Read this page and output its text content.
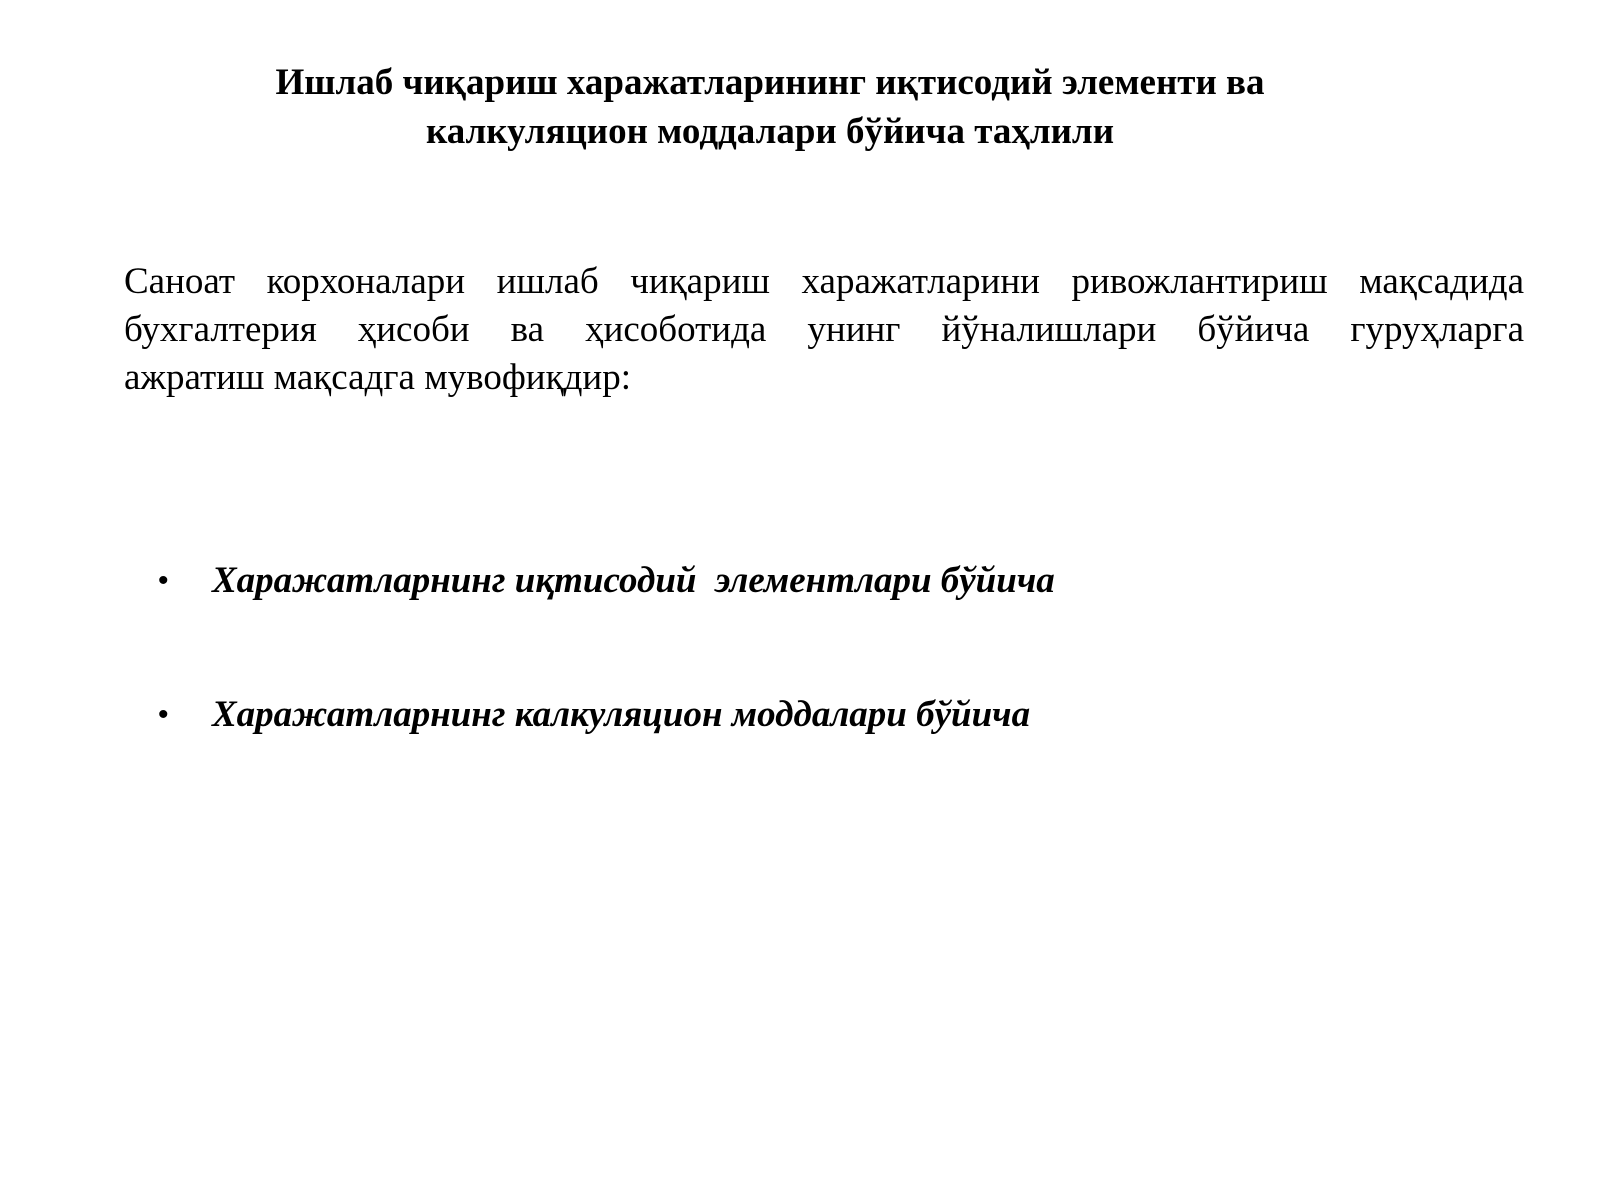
Ишлаб чиқариш харажатларининг иқтисодий элементи ва
калкуляцион моддалари бўйича таҳлили
Саноат корхоналари ишлаб чиқариш харажатларини ривожлантириш мақсадида
бухгалтерия ҳисоби ва ҳисоботида унинг йўналишлари бўйича гуруҳларга
ажратиш мақсадга мувофиқдир:
• Харажатларнинг иқтисодий  элементлари бўйича
• Харажатларнинг калкуляцион моддалари бўйича
